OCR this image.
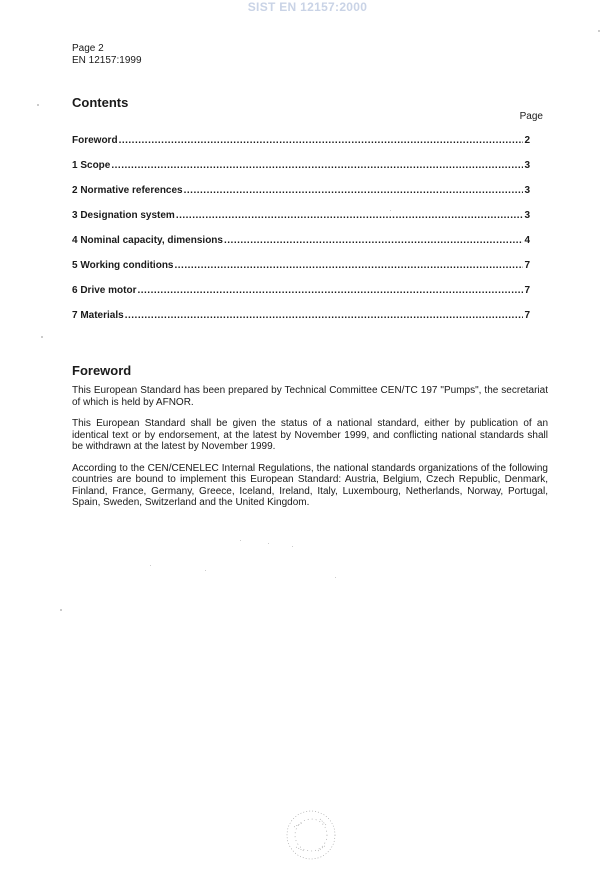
SIST EN 12157:2000
Page 2
EN 12157:1999
Contents
Page
Foreword .....	2
1 Scope .....	3
2 Normative references .....	3
3 Designation system .....	3
4 Nominal capacity, dimensions .....	4
5 Working conditions .....	7
6 Drive motor .....	7
7 Materials .....	7
Foreword

This European Standard has been prepared by Technical Committee CEN/TC 197 "Pumps", the secretariat of which is held by AFNOR.

This European Standard shall be given the status of a national standard, either by publication of an identical text or by endorsement, at the latest by November 1999, and conflicting national standards shall be withdrawn at the latest by November 1999.

According to the CEN/CENELEC Internal Regulations, the national standards organizations of the following countries are bound to implement this European Standard: Austria, Belgium, Czech Republic, Denmark, Finland, France, Germany, Greece, Iceland, Ireland, Italy, Luxembourg, Netherlands, Norway, Portugal, Spain, Sweden, Switzerland and the United Kingdom.
